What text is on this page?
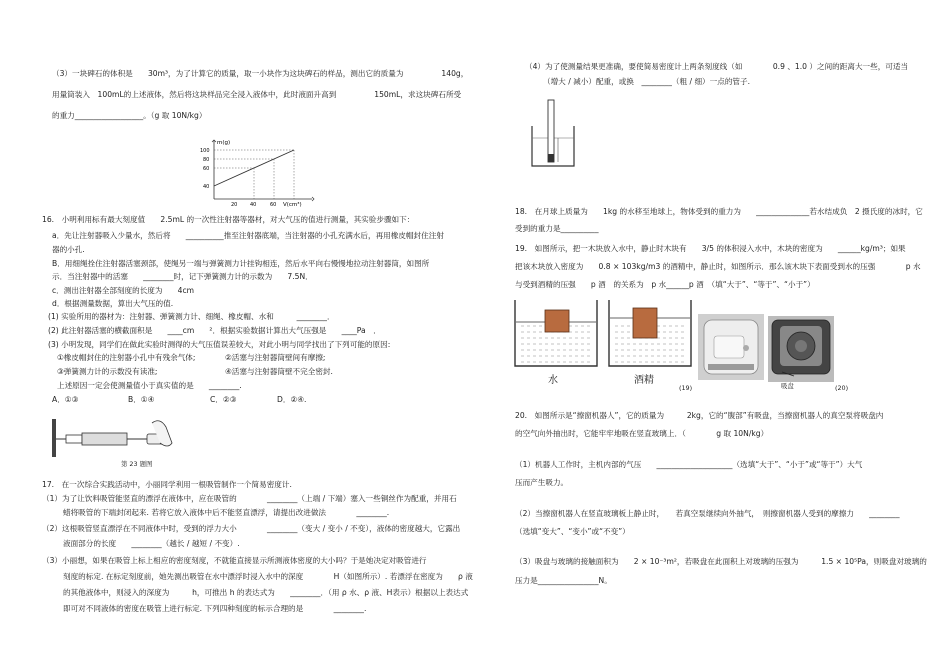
（3）一块碑石的体积是　　30m³，为了计算它的质量，取一小块作为这块碑石的样品，测出它的质量为　　　　　140g，
用量筒装入　100mL的上述液体，然后将这块样品完全浸入液体中，此时液面升高到　　　　　150mL，求这块碑石所受
的重力__________________。（g 取 10N/kg）
m(g)
V(cm³)
100
80
60
40
20	40	60
16.　小明利用标有最大刻度值　　2.5mL 的一次性注射器等器材，对大气压的值进行测量，其实验步骤如下：
a．先让注射器吸入少量水，然后将　　__________推至注射器底端，当注射器的小孔充满水后，再用橡皮帽封住注射
器的小孔.
B．用细绳拴住注射器活塞颈部，使绳另一端与弹簧测力计挂钩相连，然后水平向右慢慢地拉动注射器筒，如图所
示．当注射器中的活塞　　________时，记下弹簧测力计的示数为　　7.5N．
c．测出注射器全部刻度的长度为　　4cm
d．根据测量数据，算出大气压的值.
(1) 实验所用的器材为：注射器、弹簧测力计、细绳、橡皮帽、水和　　　________．
(2) 此注射器活塞的横截面积是　　____cm　　²．根据实验数据计算出大气压强是　　____Pa　．
(3) 小明发现，同学们在做此实验时测得的大气压值误差较大，对此小明与同学找出了下列可能的原因:
①橡皮帽封住的注射器小孔中有残余气体;	②活塞与注射器筒壁间有摩擦;
③弹簧测力计的示数没有读准;	④活塞与注射器筒壁不完全密封.
上述原因一定会使测量值小于真实值的是　　________.
A．①③	B．①④	C．②③	D．②④.
第 23 题图
17.　在一次综合实践活动中，小丽同学利用一根吸管制作一个简易密度计.
（1）为了让饮料吸管能竖直的漂浮在液体中，应在吸管的　　　　________（上端 / 下端）塞入一些铜丝作为配重，并用石
蜡将吸管的下端封闭起来. 若将它放入液体中后不能竖直漂浮，请提出改进做法　　　　________.
（2）这根吸管竖直漂浮在不同液体中时，受到的浮力大小　　　　________（变大 / 变小 / 不变），液体的密度越大，它露出
液面部分的长度　　________（越长 / 越短 / 不变）.
（3）小丽想，如果在吸管上标上相应的密度刻度，不就能直接显示所测液体密度的大小吗？于是她决定对吸管进行
刻度的标定. 在标定刻度前，她先测出吸管在水中漂浮时浸入水中的深度　　　　H（如图所示）. 若漂浮在密度为　　ρ 液
的其他液体中，则浸入的深度为　　　h，可推出 h 的表达式为　　________．（用 ρ 水、ρ 液、H表示）根据以上表达式
即可对不同液体的密度在吸管上进行标定. 下列四种刻度的标示合理的是　　　　________.
（4）为了使测量结果更准确，要使简易密度计上两条刻度线（如　　　　0.9 、1.0 ）之间的距离大一些，可适当
（增大 / 减小）配重，或换　________（粗 / 细）一点的管子.
18.　在月球上质量为　　1kg 的水移至地球上，物体受到的重力为　　______________若水结成负　2 摄氏度的冰时，它
受到的重力是__________
19.　如图所示，把一木块放入水中，静止时木块有　　3/5 的体积浸入水中，木块的密度为　　______kg/m³；如果
把该木块放入密度为　　0.8 × 103kg/m3 的酒精中，静止时，如图所示．那么该木块下表面受到水的压强　　　　p 水
与受到酒精的压强　　p 酒　的关系为　p 水______p 酒　（填“大于”、“等于”、“小于”）
水	酒精
(19)	吸盘	(20)
20.　如图所示是“擦窗机器人”，它的质量为　　　2kg，它的“腹部”有吸盘，当擦窗机器人的真空泵将吸盘内
的空气向外抽出时，它能牢牢地吸在竖直玻璃上．（　　　　g 取 10N/kg）
（1）机器人工作时，主机内部的气压　　____________________（选填“大于”、“小于”或“等于”）大气
压而产生吸力。
（2）当擦窗机器人在竖直玻璃板上静止时，　　若真空泵继续向外抽气，　则擦窗机器人受到的摩擦力　　________
（选填“变大”、“变小”或“不变”）
（3）吸盘与玻璃的接触面积为　　2 × 10⁻³m²，若吸盘在此面积上对玻璃的压强为　　　1.5 × 10⁵Pa，则吸盘对玻璃的
压力是________________N。
